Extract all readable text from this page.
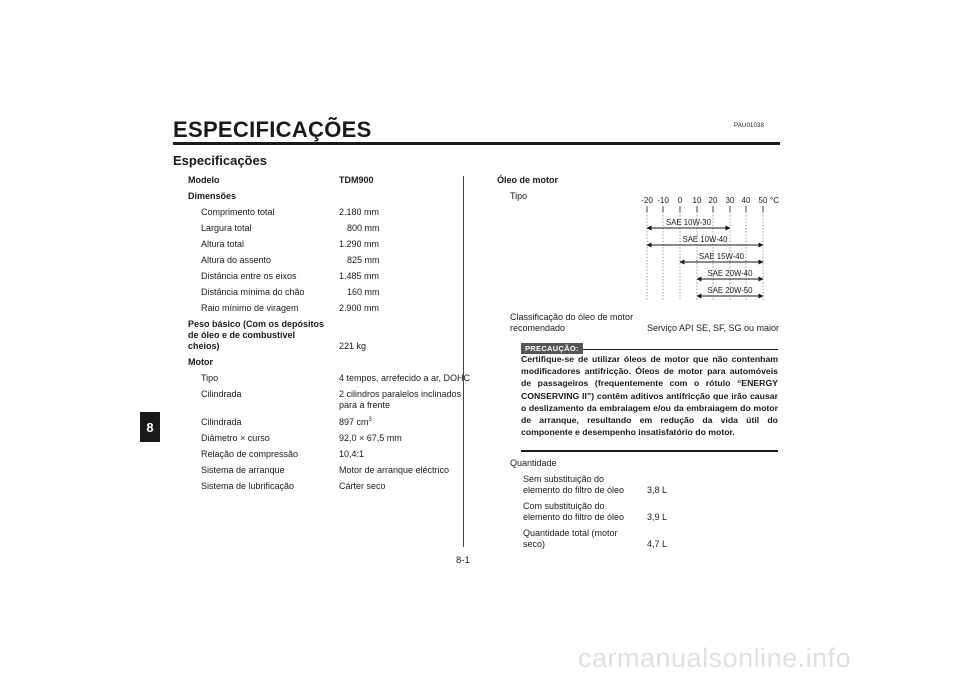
PAU01038
ESPECIFICAÇÕES
Especificações
8
8-1
Modelo	TDM900
Dimensões
Comprimento total	2.180 mm
Largura total	800 mm
Altura total	1.290 mm
Altura do assento	825 mm
Distância entre os eixos	1.485 mm
Distância mínima do chão	160 mm
Raio mínimo de viragem	2.900 mm
Peso básico (Com os depósitos
de óleo e de combustível
cheios)	221 kg
Motor
Tipo	4 tempos, arrefecido a ar, DOHC
Cilindrada	2 cilindros paralelos inclinados
para a frente
Cilindrada	897 $cm^3$
Diâmetro × curso	92,0 × 67,5 mm
Relação de compressão	10,4:1
Sistema de arranque	Motor de arranque eléctrico
Sistema de lubrificação	Cárter seco
Óleo de motor
Tipo	-20 -10 0 10 20 30 40 50 °C
SAE 10W-30
SAE 10W-40
SAE 15W-40
SAE 20W-40
SAE 20W-50
Classificação do óleo de motor
recomendado	Serviço API SE, SF, SG ou maior
PRECAUÇÃO:
Certifique-se de utilizar óleos de motor que não contenham modificadores antifricção. Óleos de motor para automóveis de passageiros (frequentemente com o rótulo “ENERGY CONSERVING II”) contêm aditivos antifricção que irão causar o deslizamento da embraiagem e/ou da embraiagem do motor de arranque, resultando em redução da vida útil do componente e desempenho insatisfatório do motor.
Quantidade
Sem substituição do
elemento do filtro de óleo	3,8 L
Com substituição do
elemento do filtro de óleo	3,9 L
Quantidade total (motor
seco)	4,7 L
carmanualsonline.info
